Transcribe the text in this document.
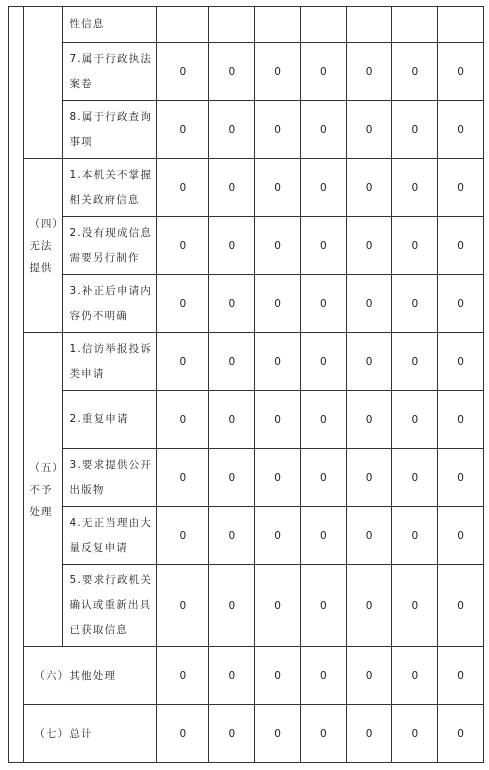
		性信息							
		7.属于行政执法案卷	0	0	0	0	0	0	0
		8.属于行政查询事项	0	0	0	0	0	0	0
	（四）无法提供	1.本机关不掌握相关政府信息	0	0	0	0	0	0	0
		2.没有现成信息需要另行制作	0	0	0	0	0	0	0
		3.补正后申请内容仍不明确	0	0	0	0	0	0	0
	（五）不予处理	1.信访举报投诉类申请	0	0	0	0	0	0	0
		2.重复申请	0	0	0	0	0	0	0
		3.要求提供公开出版物	0	0	0	0	0	0	0
		4.无正当理由大量反复申请	0	0	0	0	0	0	0
		5.要求行政机关确认或重新出具已获取信息	0	0	0	0	0	0	0
	（六）其他处理		0	0	0	0	0	0	0
	（七）总计		0	0	0	0	0	0	0
